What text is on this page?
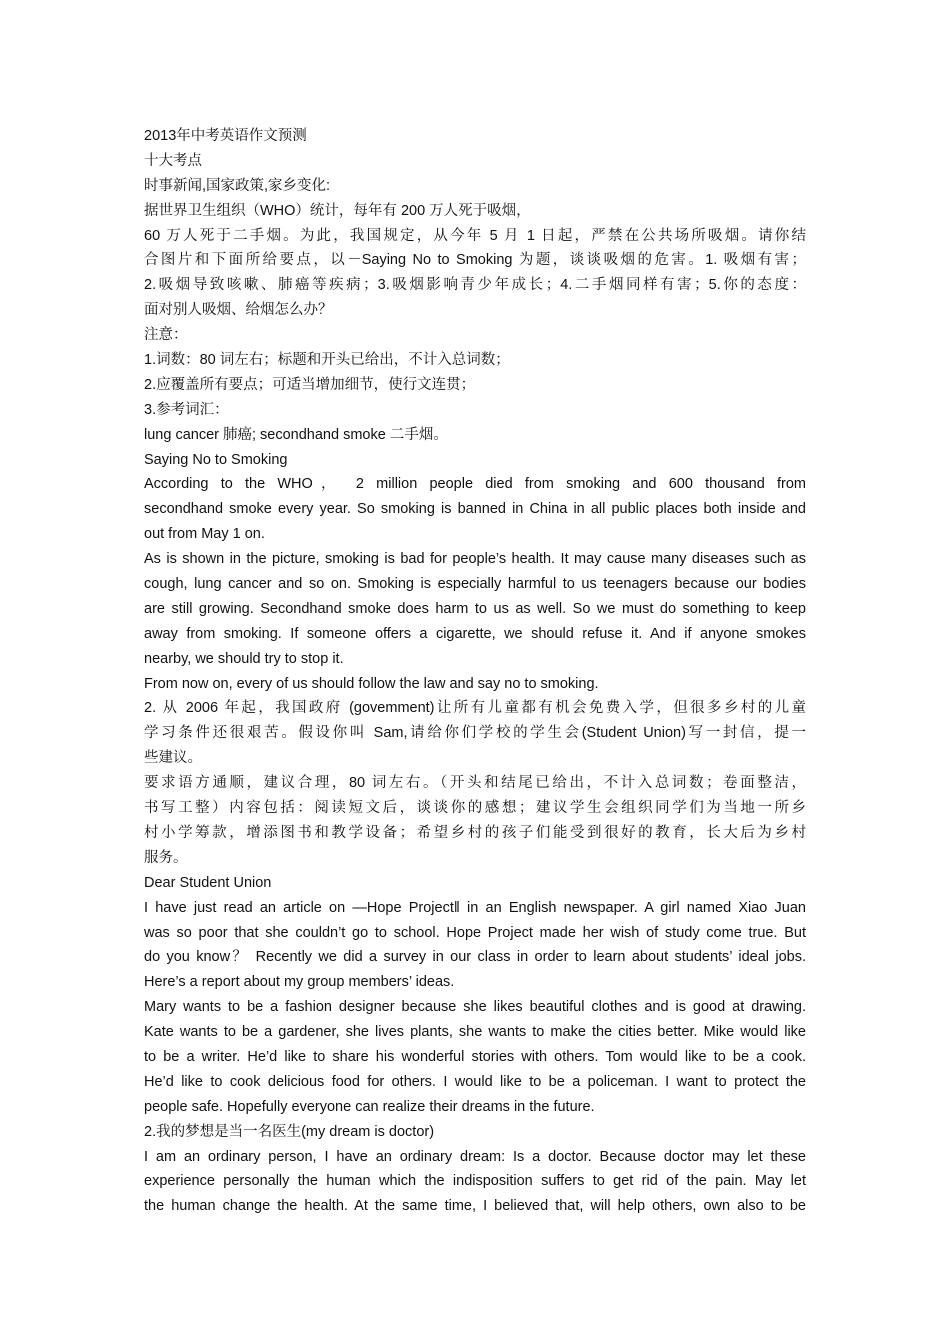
2013年中考英语作文预测
十大考点
时事新闻,国家政策,家乡变化:
据世界卫生组织（WHO）统计，每年有 200 万人死于吸烟，
60 万人死于二手烟。为此，我国规定，从今年 5 月 1 日起，严禁在公共场所吸烟。请你结
合图片和下面所给要点，以－Saying No to Smoking 为题，谈谈吸烟的危害。1. 吸烟有害；
2.吸烟导致咳嗽、肺癌等疾病；3.吸烟影响青少年成长；4.二手烟同样有害；5.你的态度：
面对别人吸烟、给烟怎么办？
注意：
1.词数：80 词左右；标题和开头已给出，不计入总词数；
2.应覆盖所有要点；可适当增加细节，使行文连贯；
3.参考词汇：
lung cancer 肺癌; secondhand smoke 二手烟。
Saying No to Smoking
According to the WHO， 2 million people died from smoking and 600 thousand from
secondhand smoke every year. So smoking is banned in China in all public places both inside and
out from May 1 on.
As is shown in the picture, smoking is bad for people’s health. It may cause many diseases such as
cough, lung cancer and so on. Smoking is especially harmful to us teenagers because our bodies
are still growing. Secondhand smoke does harm to us as well. So we must do something to keep
away from smoking. If someone offers a cigarette, we should refuse it. And if anyone smokes
nearby, we should try to stop it.
From now on, every of us should follow the law and say no to smoking.
2. 从 2006 年起，我国政府 (govemment)让所有儿童都有机会免费入学，但很多乡村的儿童
学习条件还很艰苦。假设你叫 Sam,请给你们学校的学生会(Student Union)写一封信，提一
些建议。
要求语方通顺，建议合理，80 词左右。（开头和结尾已给出，不计入总词数；卷面整洁，
书写工整）内容包括：阅读短文后，谈谈你的感想；建议学生会组织同学们为当地一所乡
村小学筹款，增添图书和教学设备；希望乡村的孩子们能受到很好的教育，长大后为乡村
服务。
Dear Student Union
I have just read an article on ―Hope Project‖ in an English newspaper. A girl named Xiao Juan
was so poor that she couldn’t go to school. Hope Project made her wish of study come true. But
do you know？ Recently we did a survey in our class in order to learn about students’ ideal jobs.
Here’s a report about my group members’ ideas.
Mary wants to be a fashion designer because she likes beautiful clothes and is good at drawing.
Kate wants to be a gardener, she lives plants, she wants to make the cities better. Mike would like
to be a writer. He’d like to share his wonderful stories with others. Tom would like to be a cook.
He’d like to cook delicious food for others. I would like to be a policeman. I want to protect the
people safe. Hopefully everyone can realize their dreams in the future.
2.我的梦想是当一名医生(my dream is doctor)
I am an ordinary person, I have an ordinary dream: Is a doctor. Because doctor may let these
experience personally the human which the indisposition suffers to get rid of the pain. May let
the human change the health. At the same time, I believed that, will help others, own also to be
